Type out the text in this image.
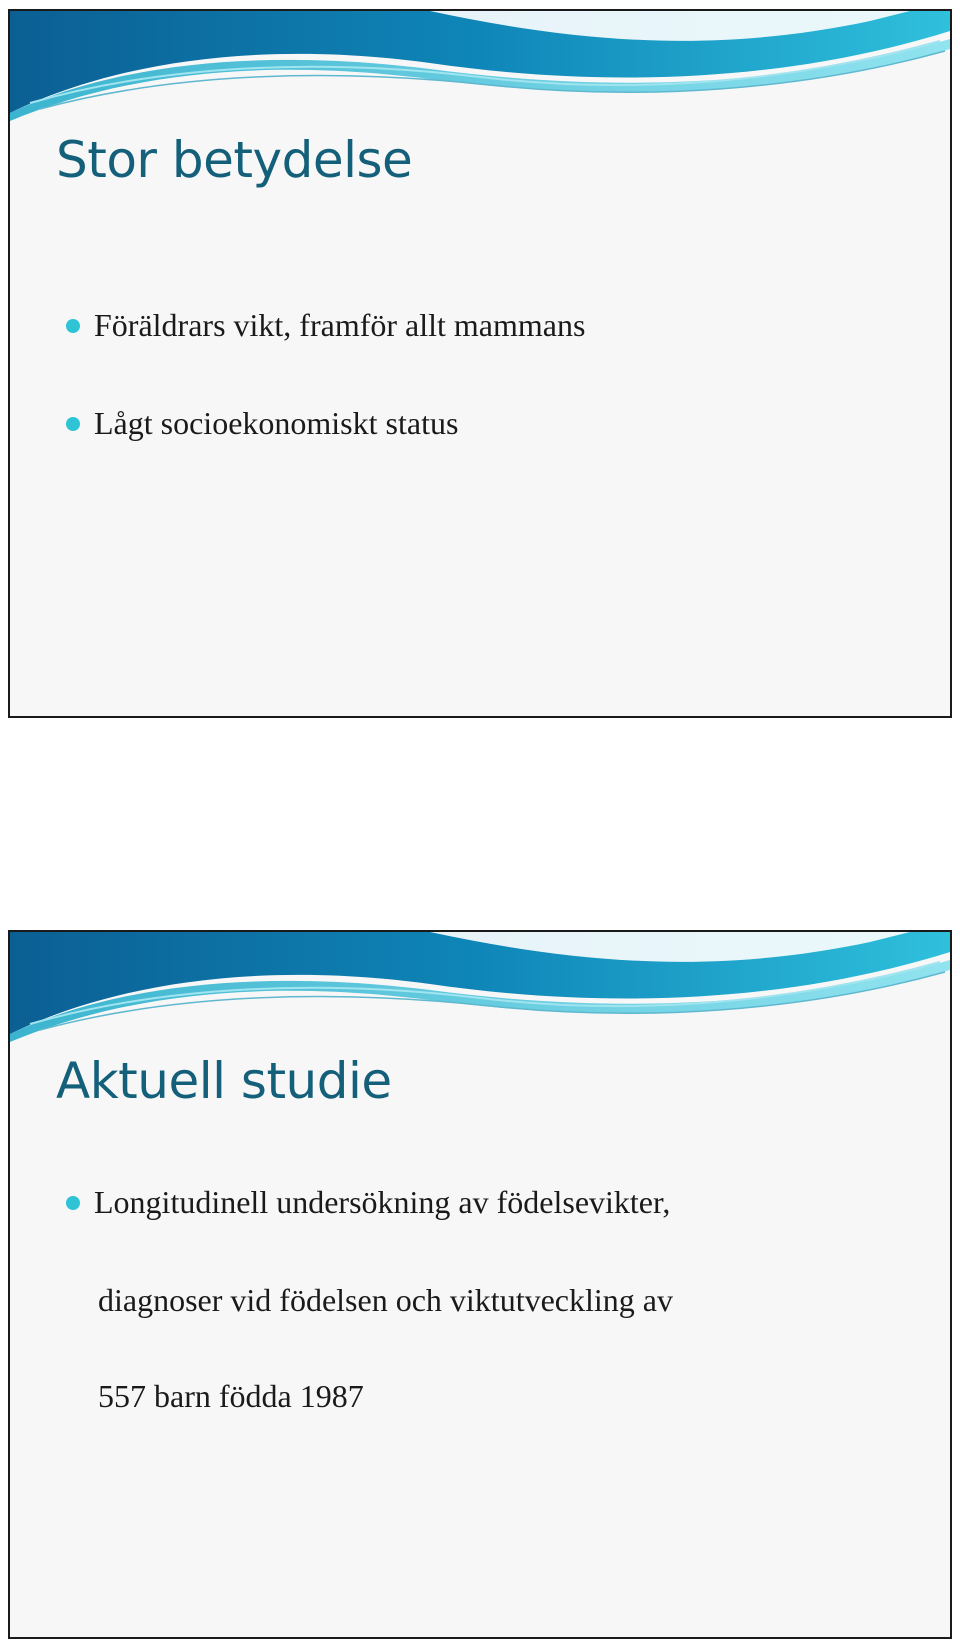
Stor betydelse
Föräldrars vikt, framför allt mammans
Lågt socioekonomiskt status
Aktuell studie
Longitudinell undersökning av födelsevikter,
diagnoser vid födelsen och viktutveckling av
557 barn födda 1987
